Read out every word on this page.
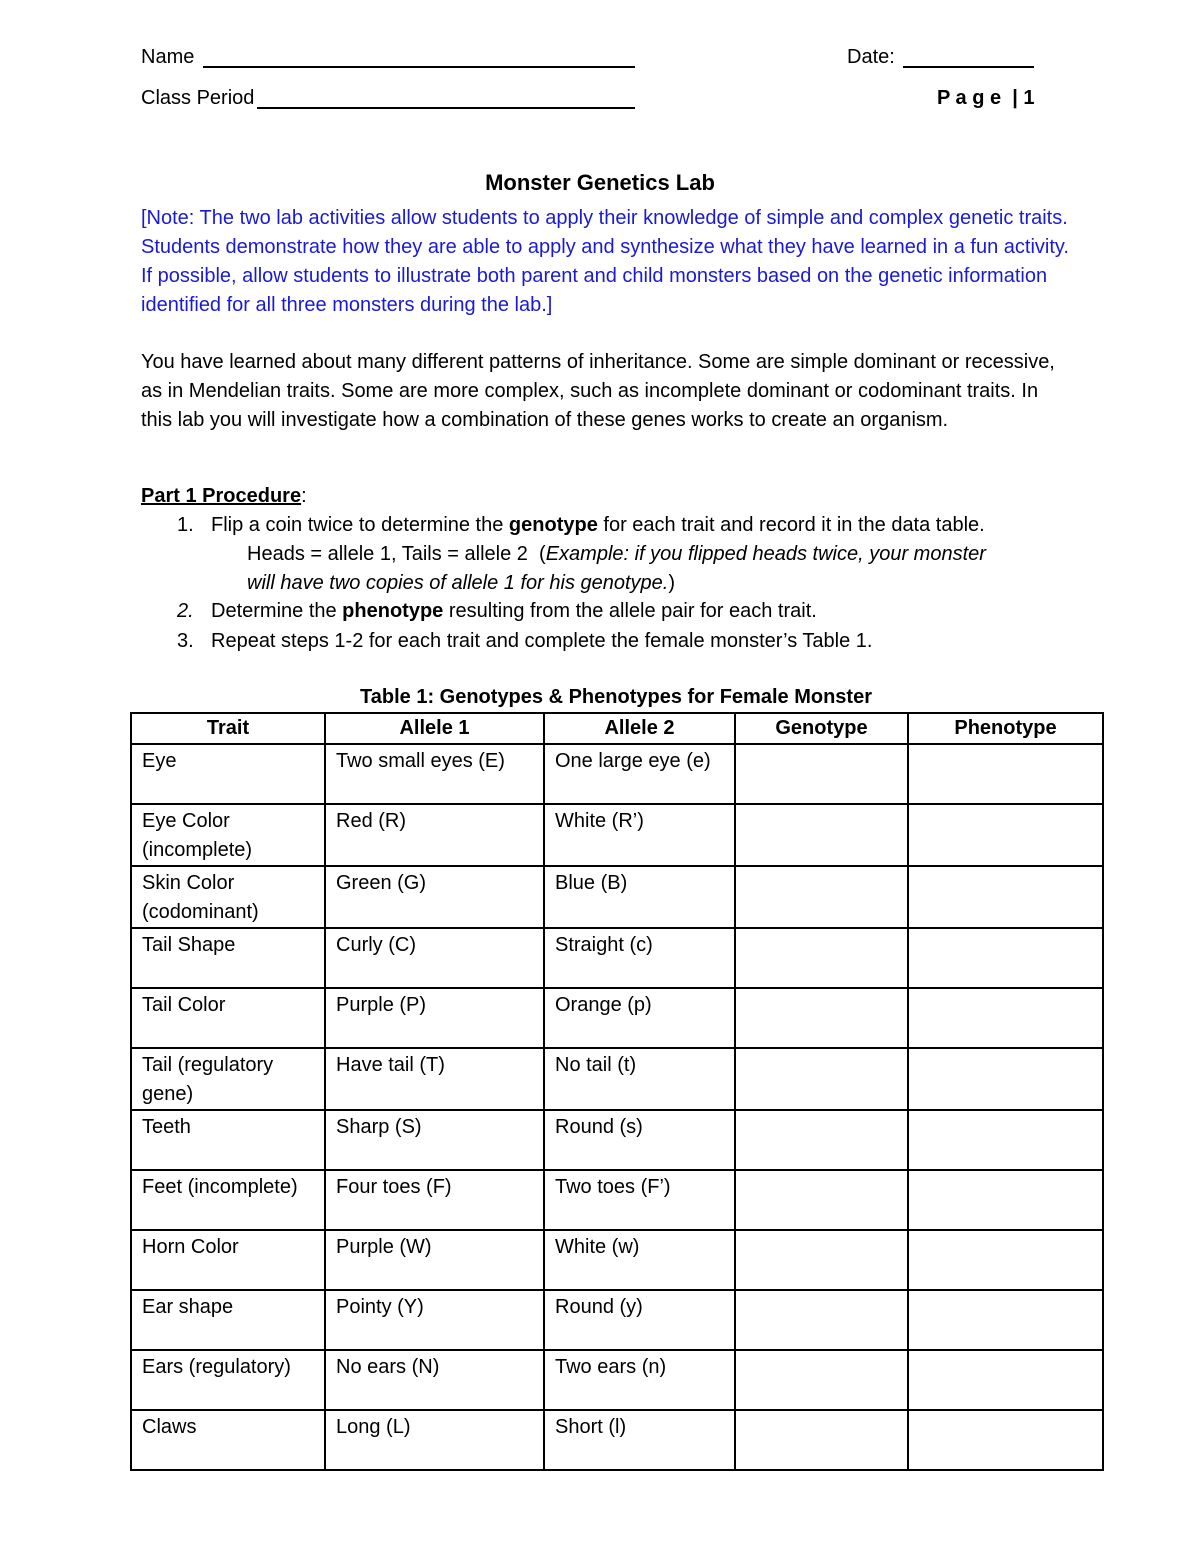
Name	Date:
Class Period	P a g e  | 1
Monster Genetics Lab
[Note: The two lab activities allow students to apply their knowledge of simple and complex genetic traits. Students demonstrate how they are able to apply and synthesize what they have learned in a fun activity. If possible, allow students to illustrate both parent and child monsters based on the genetic information identified for all three monsters during the lab.]
You have learned about many different patterns of inheritance. Some are simple dominant or recessive, as in Mendelian traits. Some are more complex, such as incomplete dominant or codominant traits. In this lab you will investigate how a combination of these genes works to create an organism.
Part 1 Procedure:
1. Flip a coin twice to determine the genotype for each trait and record it in the data table.
Heads = allele 1, Tails = allele 2  (Example: if you flipped heads twice, your monster
will have two copies of allele 1 for his genotype.)
2. Determine the phenotype resulting from the allele pair for each trait.
3. Repeat steps 1-2 for each trait and complete the female monster’s Table 1.
Table 1: Genotypes & Phenotypes for Female Monster
Trait	Allele 1	Allele 2	Genotype	Phenotype
Eye	Two small eyes (E)	One large eye (e)		
Eye Color (incomplete)	Red (R)	White (R’)		
Skin Color (codominant)	Green (G)	Blue (B)		
Tail Shape	Curly (C)	Straight (c)		
Tail Color	Purple (P)	Orange (p)		
Tail (regulatory gene)	Have tail (T)	No tail (t)		
Teeth	Sharp (S)	Round (s)		
Feet (incomplete)	Four toes (F)	Two toes (F’)		
Horn Color	Purple (W)	White (w)		
Ear shape	Pointy (Y)	Round (y)		
Ears (regulatory)	No ears (N)	Two ears (n)		
Claws	Long (L)	Short (l)		
